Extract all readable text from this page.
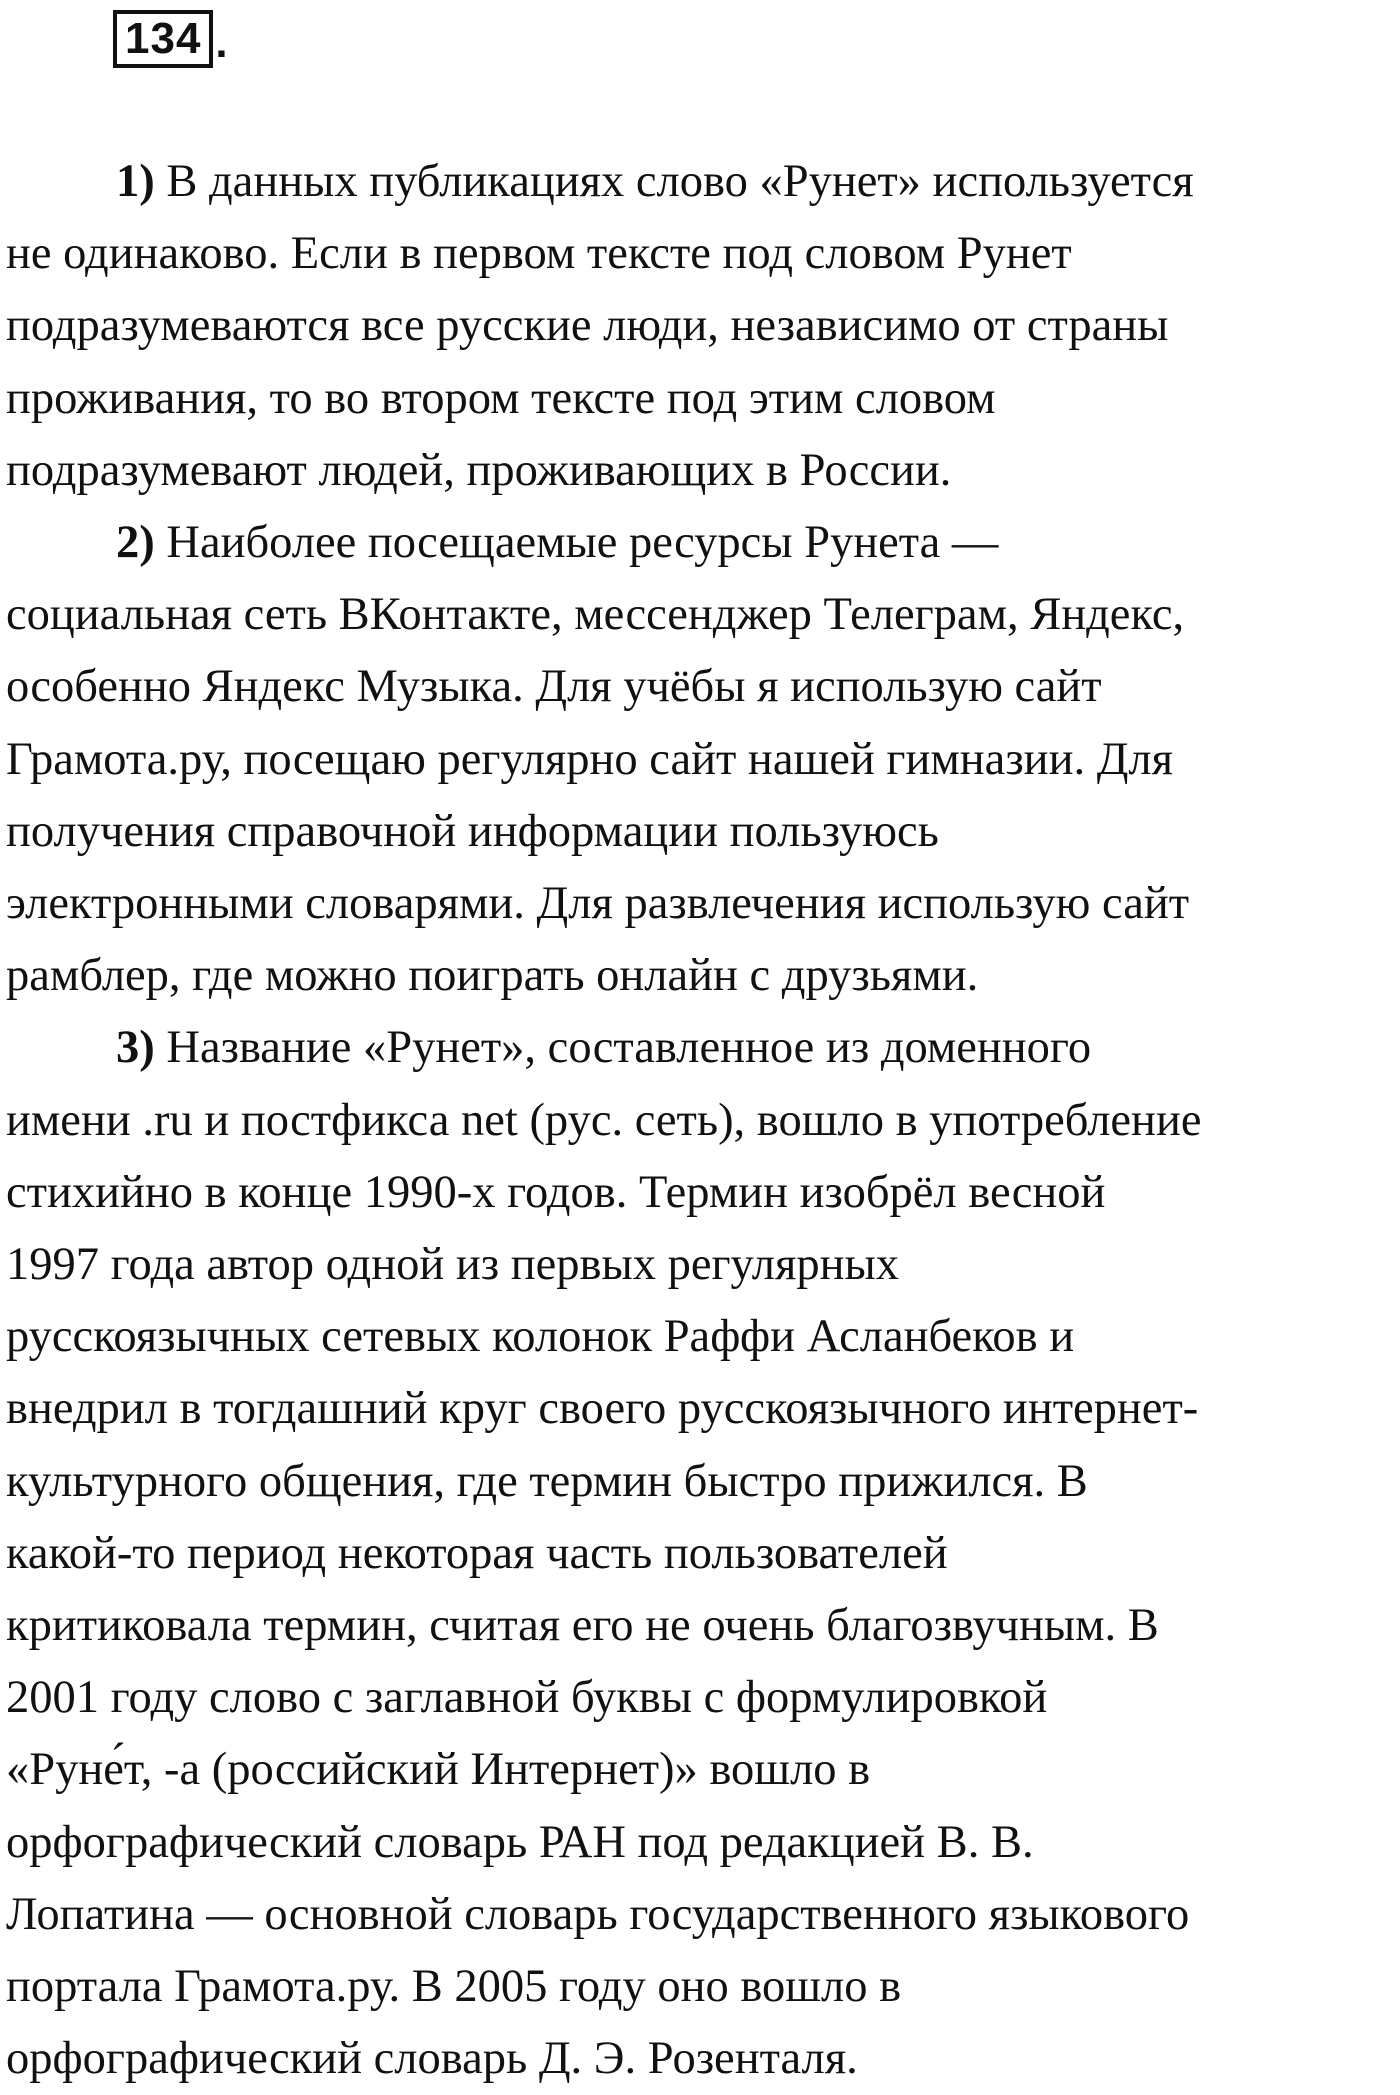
134 .

1) В данных публикациях слово «Рунет» используется
не одинаково. Если в первом тексте под словом Рунет
подразумеваются все русские люди, независимо от страны
проживания, то во втором тексте под этим словом
подразумевают людей, проживающих в России.

2) Наиболее посещаемые ресурсы Рунета —
социальная сеть ВКонтакте, мессенджер Телеграм, Яндекс,
особенно Яндекс Музыка. Для учёбы я использую сайт
Грамота.ру, посещаю регулярно сайт нашей гимназии. Для
получения справочной информации пользуюсь
электронными словарями. Для развлечения использую сайт
рамблер, где можно поиграть онлайн с друзьями.

3) Название «Рунет», составленное из доменного
имени .ru и постфикса net (рус. сеть), вошло в употребление
стихийно в конце 1990-х годов. Термин изобрёл весной
1997 года автор одной из первых регулярных
русскоязычных сетевых колонок Раффи Асланбеков и
внедрил в тогдашний круг своего русскоязычного интернет-
культурного общения, где термин быстро прижился. В
какой-то период некоторая часть пользователей
критиковала термин, считая его не очень благозвучным. В
2001 году слово с заглавной буквы с формулировкой
«Руне́т, -а (российский Интернет)» вошло в
орфографический словарь РАН под редакцией В. В.
Лопатина — основной словарь государственного языкового
портала Грамота.ру. В 2005 году оно вошло в
орфографический словарь Д. Э. Розенталя.
